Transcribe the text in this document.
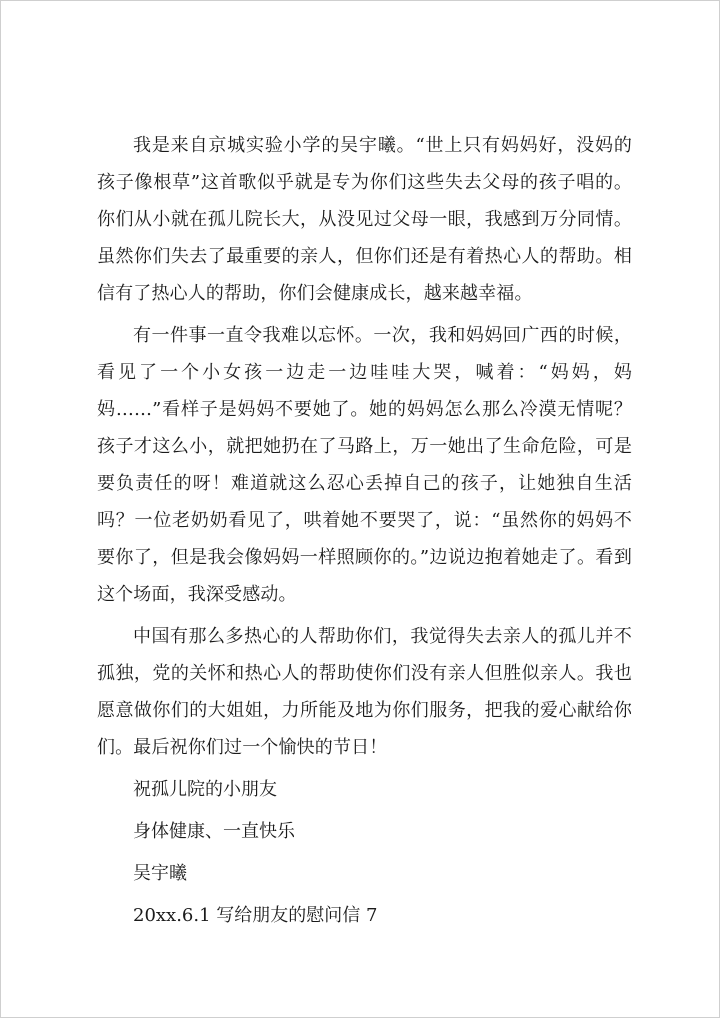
我是来自京城实验小学的吴宇曦。“世上只有妈妈好，没妈的孩子像根草”这首歌似乎就是专为你们这些失去父母的孩子唱的。你们从小就在孤儿院长大，从没见过父母一眼，我感到万分同情。虽然你们失去了最重要的亲人，但你们还是有着热心人的帮助。相信有了热心人的帮助，你们会健康成长，越来越幸福。

有一件事一直令我难以忘怀。一次，我和妈妈回广西的时候，看见了一个小女孩一边走一边哇哇大哭，喊着：“妈妈，妈妈……”看样子是妈妈不要她了。她的妈妈怎么那么冷漠无情呢？孩子才这么小，就把她扔在了马路上，万一她出了生命危险，可是要负责任的呀！难道就这么忍心丢掉自己的孩子，让她独自生活吗？一位老奶奶看见了，哄着她不要哭了，说：“虽然你的妈妈不要你了，但是我会像妈妈一样照顾你的。”边说边抱着她走了。看到这个场面，我深受感动。

中国有那么多热心的人帮助你们，我觉得失去亲人的孤儿并不孤独，党的关怀和热心人的帮助使你们没有亲人但胜似亲人。我也愿意做你们的大姐姐，力所能及地为你们服务，把我的爱心献给你们。最后祝你们过一个愉快的节日！

祝孤儿院的小朋友

身体健康、一直快乐

吴宇曦

20xx.6.1 写给朋友的慰问信 7
